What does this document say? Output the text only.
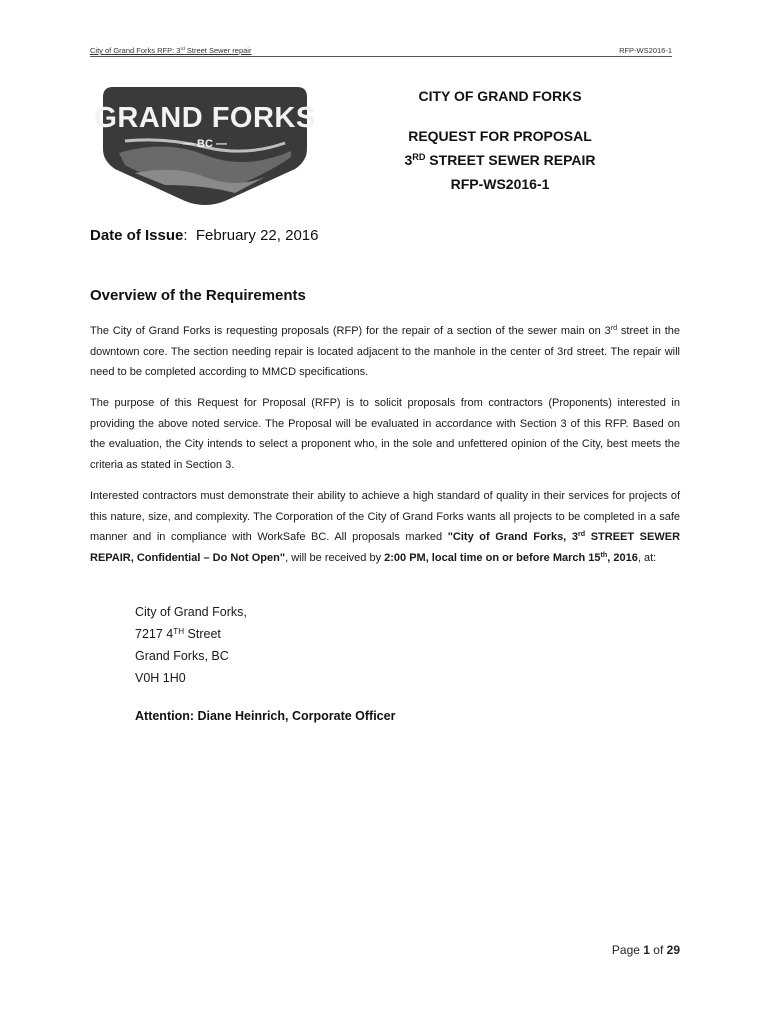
City of Grand Forks RFP: 3rd Street Sewer repair	RFP-WS2016-1
GRAND FORKS
— BC —
CITY OF GRAND FORKS
REQUEST FOR PROPOSAL
3RD STREET SEWER REPAIR
RFP-WS2016-1
Date of Issue: February 22, 2016
Overview of the Requirements
The City of Grand Forks is requesting proposals (RFP) for the repair of a section of the sewer main on 3rd street in the downtown core. The section needing repair is located adjacent to the manhole in the center of 3rd street. The repair will need to be completed according to MMCD specifications.
The purpose of this Request for Proposal (RFP) is to solicit proposals from contractors (Proponents) interested in providing the above noted service. The Proposal will be evaluated in accordance with Section 3 of this RFP. Based on the evaluation, the City intends to select a proponent who, in the sole and unfettered opinion of the City, best meets the criteria as stated in Section 3.
Interested contractors must demonstrate their ability to achieve a high standard of quality in their services for projects of this nature, size, and complexity. The Corporation of the City of Grand Forks wants all projects to be completed in a safe manner and in compliance with WorkSafe BC. All proposals marked "City of Grand Forks, 3rd STREET SEWER REPAIR, Confidential – Do Not Open", will be received by 2:00 PM, local time on or before March 15th, 2016, at:
City of Grand Forks,
7217 4TH Street
Grand Forks, BC
V0H 1H0
Attention: Diane Heinrich, Corporate Officer
Page 1 of 29
